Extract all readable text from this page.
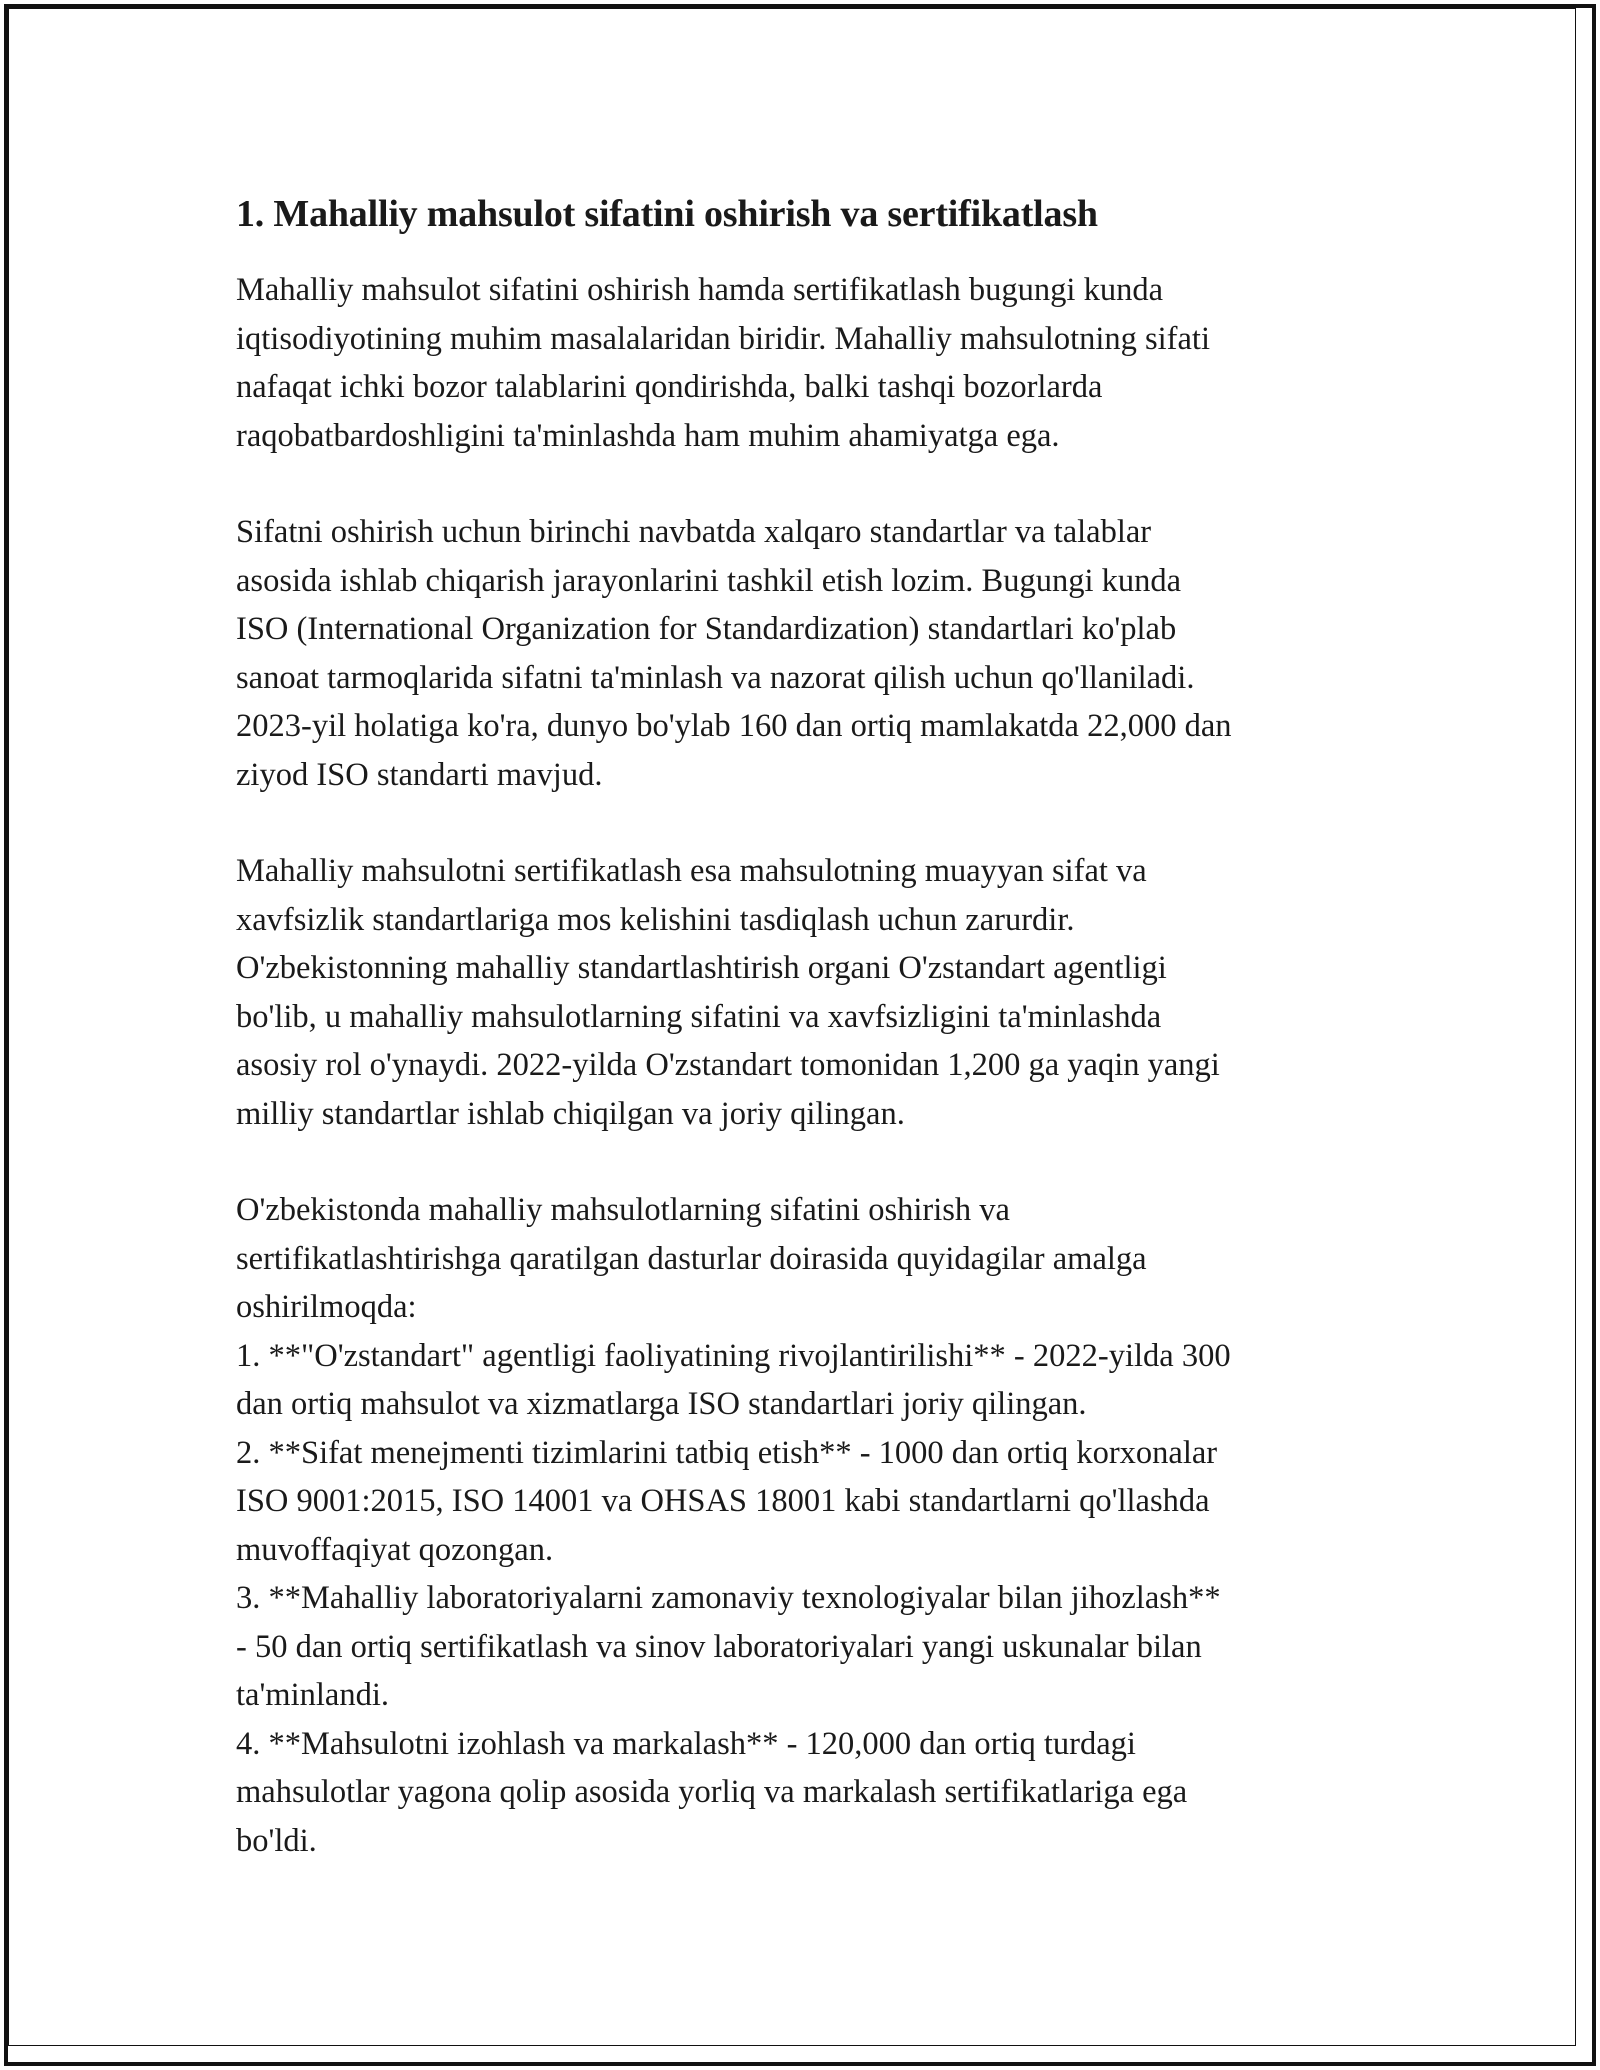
1. Mahalliy mahsulot sifatini oshirish va sertifikatlash

Mahalliy mahsulot sifatini oshirish hamda sertifikatlash bugungi kunda
iqtisodiyotining muhim masalalaridan biridir. Mahalliy mahsulotning sifati
nafaqat ichki bozor talablarini qondirishda, balki tashqi bozorlarda
raqobatbardoshligini ta'minlashda ham muhim ahamiyatga ega.

Sifatni oshirish uchun birinchi navbatda xalqaro standartlar va talablar
asosida ishlab chiqarish jarayonlarini tashkil etish lozim. Bugungi kunda
ISO (International Organization for Standardization) standartlari ko'plab
sanoat tarmoqlarida sifatni ta'minlash va nazorat qilish uchun qo'llaniladi.
2023-yil holatiga ko'ra, dunyo bo'ylab 160 dan ortiq mamlakatda 22,000 dan
ziyod ISO standarti mavjud.

Mahalliy mahsulotni sertifikatlash esa mahsulotning muayyan sifat va
xavfsizlik standartlariga mos kelishini tasdiqlash uchun zarurdir.
O'zbekistonning mahalliy standartlashtirish organi O'zstandart agentligi
bo'lib, u mahalliy mahsulotlarning sifatini va xavfsizligini ta'minlashda
asosiy rol o'ynaydi. 2022-yilda O'zstandart tomonidan 1,200 ga yaqin yangi
milliy standartlar ishlab chiqilgan va joriy qilingan.

O'zbekistonda mahalliy mahsulotlarning sifatini oshirish va
sertifikatlashtirishga qaratilgan dasturlar doirasida quyidagilar amalga
oshirilmoqda:
1. **"O'zstandart" agentligi faoliyatining rivojlantirilishi** - 2022-yilda 300
dan ortiq mahsulot va xizmatlarga ISO standartlari joriy qilingan.
2. **Sifat menejmenti tizimlarini tatbiq etish** - 1000 dan ortiq korxonalar
ISO 9001:2015, ISO 14001 va OHSAS 18001 kabi standartlarni qo'llashda
muvoffaqiyat qozongan.
3. **Mahalliy laboratoriyalarni zamonaviy texnologiyalar bilan jihozlash**
- 50 dan ortiq sertifikatlash va sinov laboratoriyalari yangi uskunalar bilan
ta'minlandi.
4. **Mahsulotni izohlash va markalash** - 120,000 dan ortiq turdagi
mahsulotlar yagona qolip asosida yorliq va markalash sertifikatlariga ega
bo'ldi.
